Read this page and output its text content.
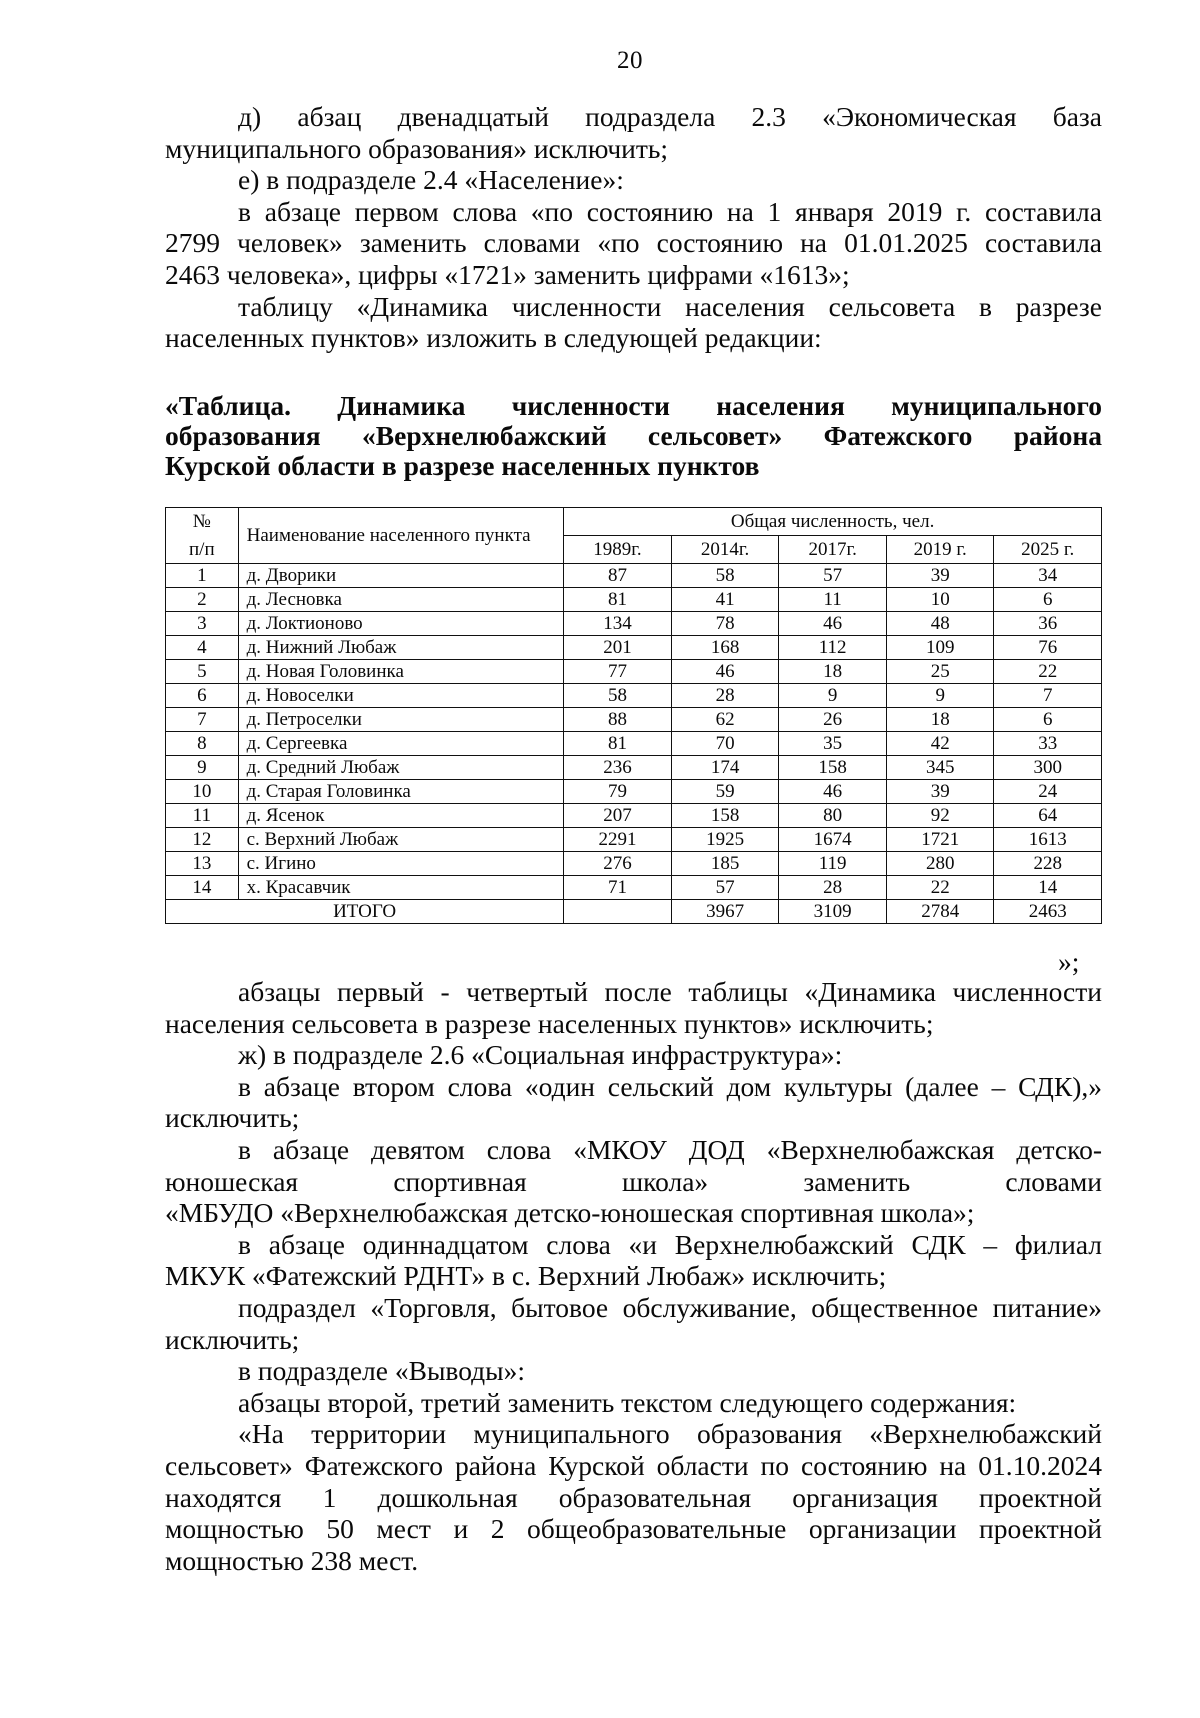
20

д) абзац двенадцатый подраздела 2.3 «Экономическая база
муниципального образования» исключить;

е) в подразделе 2.4 «Население»:

в абзаце первом слова «по состоянию на 1 января 2019 г. составила
2799 человек» заменить словами «по состоянию на 01.01.2025 составила
2463 человека», цифры «1721» заменить цифрами «1613»;

таблицу «Динамика численности населения сельсовета в разрезе
населенных пунктов» изложить в следующей редакции:

«Таблица. Динамика численности населения муниципального
образования «Верхнелюбажский сельсовет» Фатежского района
Курской области в разрезе населенных пунктов

№
п/п	Наименование населенного пункта	Общая численность, чел.				
		1989г.	2014г.	2017г.	2019 г.	2025 г.
1	д. Дворики	87	58	57	39	34
2	д. Лесновка	81	41	11	10	6
3	д. Локтионово	134	78	46	48	36
4	д. Нижний Любаж	201	168	112	109	76
5	д. Новая Головинка	77	46	18	25	22
6	д. Новоселки	58	28	9	9	7
7	д. Петроселки	88	62	26	18	6
8	д. Сергеевка	81	70	35	42	33
9	д. Средний Любаж	236	174	158	345	300
10	д. Старая Головинка	79	59	46	39	24
11	д. Ясенок	207	158	80	92	64
12	с. Верхний Любаж	2291	1925	1674	1721	1613
13	с. Игино	276	185	119	280	228
14	х. Красавчик	71	57	28	22	14
ИТОГО			3967	3109	2784	2463
»;

абзацы первый - четвертый после таблицы «Динамика численности
населения сельсовета в разрезе населенных пунктов» исключить;

ж) в подразделе 2.6 «Социальная инфраструктура»:

в абзаце втором слова «один сельский дом культуры (далее – СДК),»
исключить;

в абзаце девятом слова «МКОУ ДОД «Верхнелюбажская детско-
юношеская спортивная школа» заменить словами
«МБУДО «Верхнелюбажская детско-юношеская спортивная школа»;

в абзаце одиннадцатом слова «и Верхнелюбажский СДК – филиал
МКУК «Фатежский РДНТ» в с. Верхний Любаж» исключить;

подраздел «Торговля, бытовое обслуживание, общественное питание»
исключить;

в подразделе «Выводы»:

абзацы второй, третий заменить текстом следующего содержания:

«На территории муниципального образования «Верхнелюбажский
сельсовет» Фатежского района Курской области по состоянию на 01.10.2024
находятся 1 дошкольная образовательная организация проектной
мощностью 50 мест и 2 общеобразовательные организации проектной
мощностью 238 мест.
